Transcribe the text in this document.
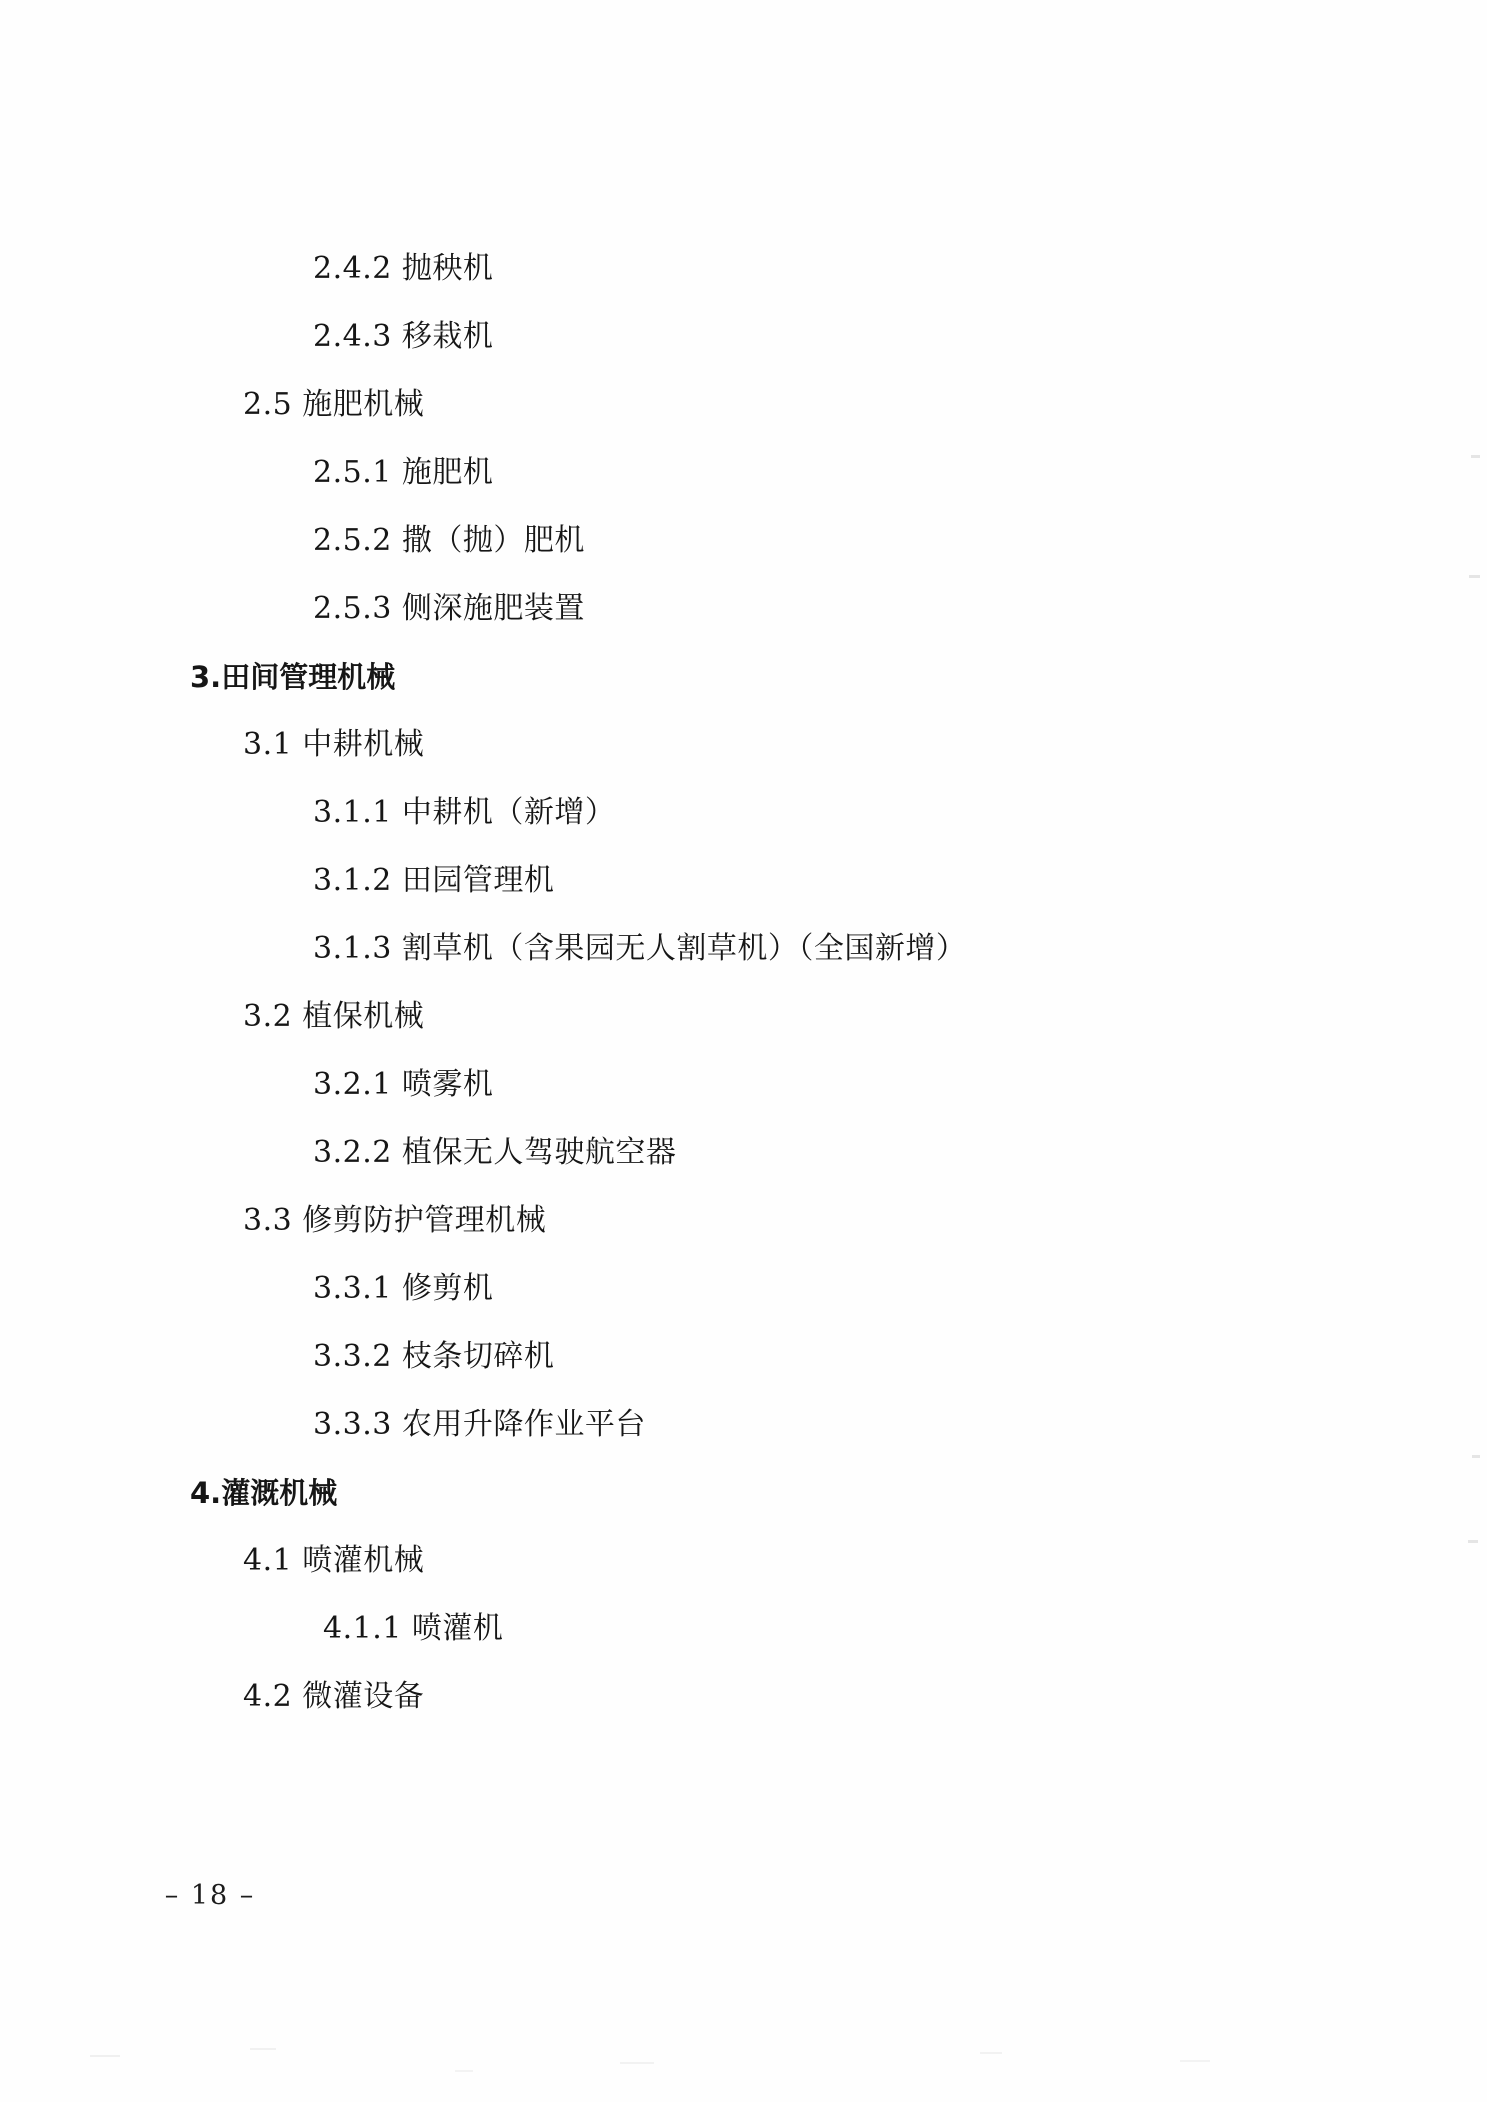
2.4.2 抛秧机
2.4.3 移栽机
2.5 施肥机械
2.5.1 施肥机
2.5.2 撒（抛）肥机
2.5.3 侧深施肥装置
3.田间管理机械
3.1 中耕机械
3.1.1 中耕机（新增）
3.1.2 田园管理机
3.1.3 割草机（含果园无人割草机）（全国新增）
3.2 植保机械
3.2.1 喷雾机
3.2.2 植保无人驾驶航空器
3.3 修剪防护管理机械
3.3.1 修剪机
3.3.2 枝条切碎机
3.3.3 农用升降作业平台
4.灌溉机械
4.1 喷灌机械
4.1.1 喷灌机
4.2 微灌设备
– 18 –
